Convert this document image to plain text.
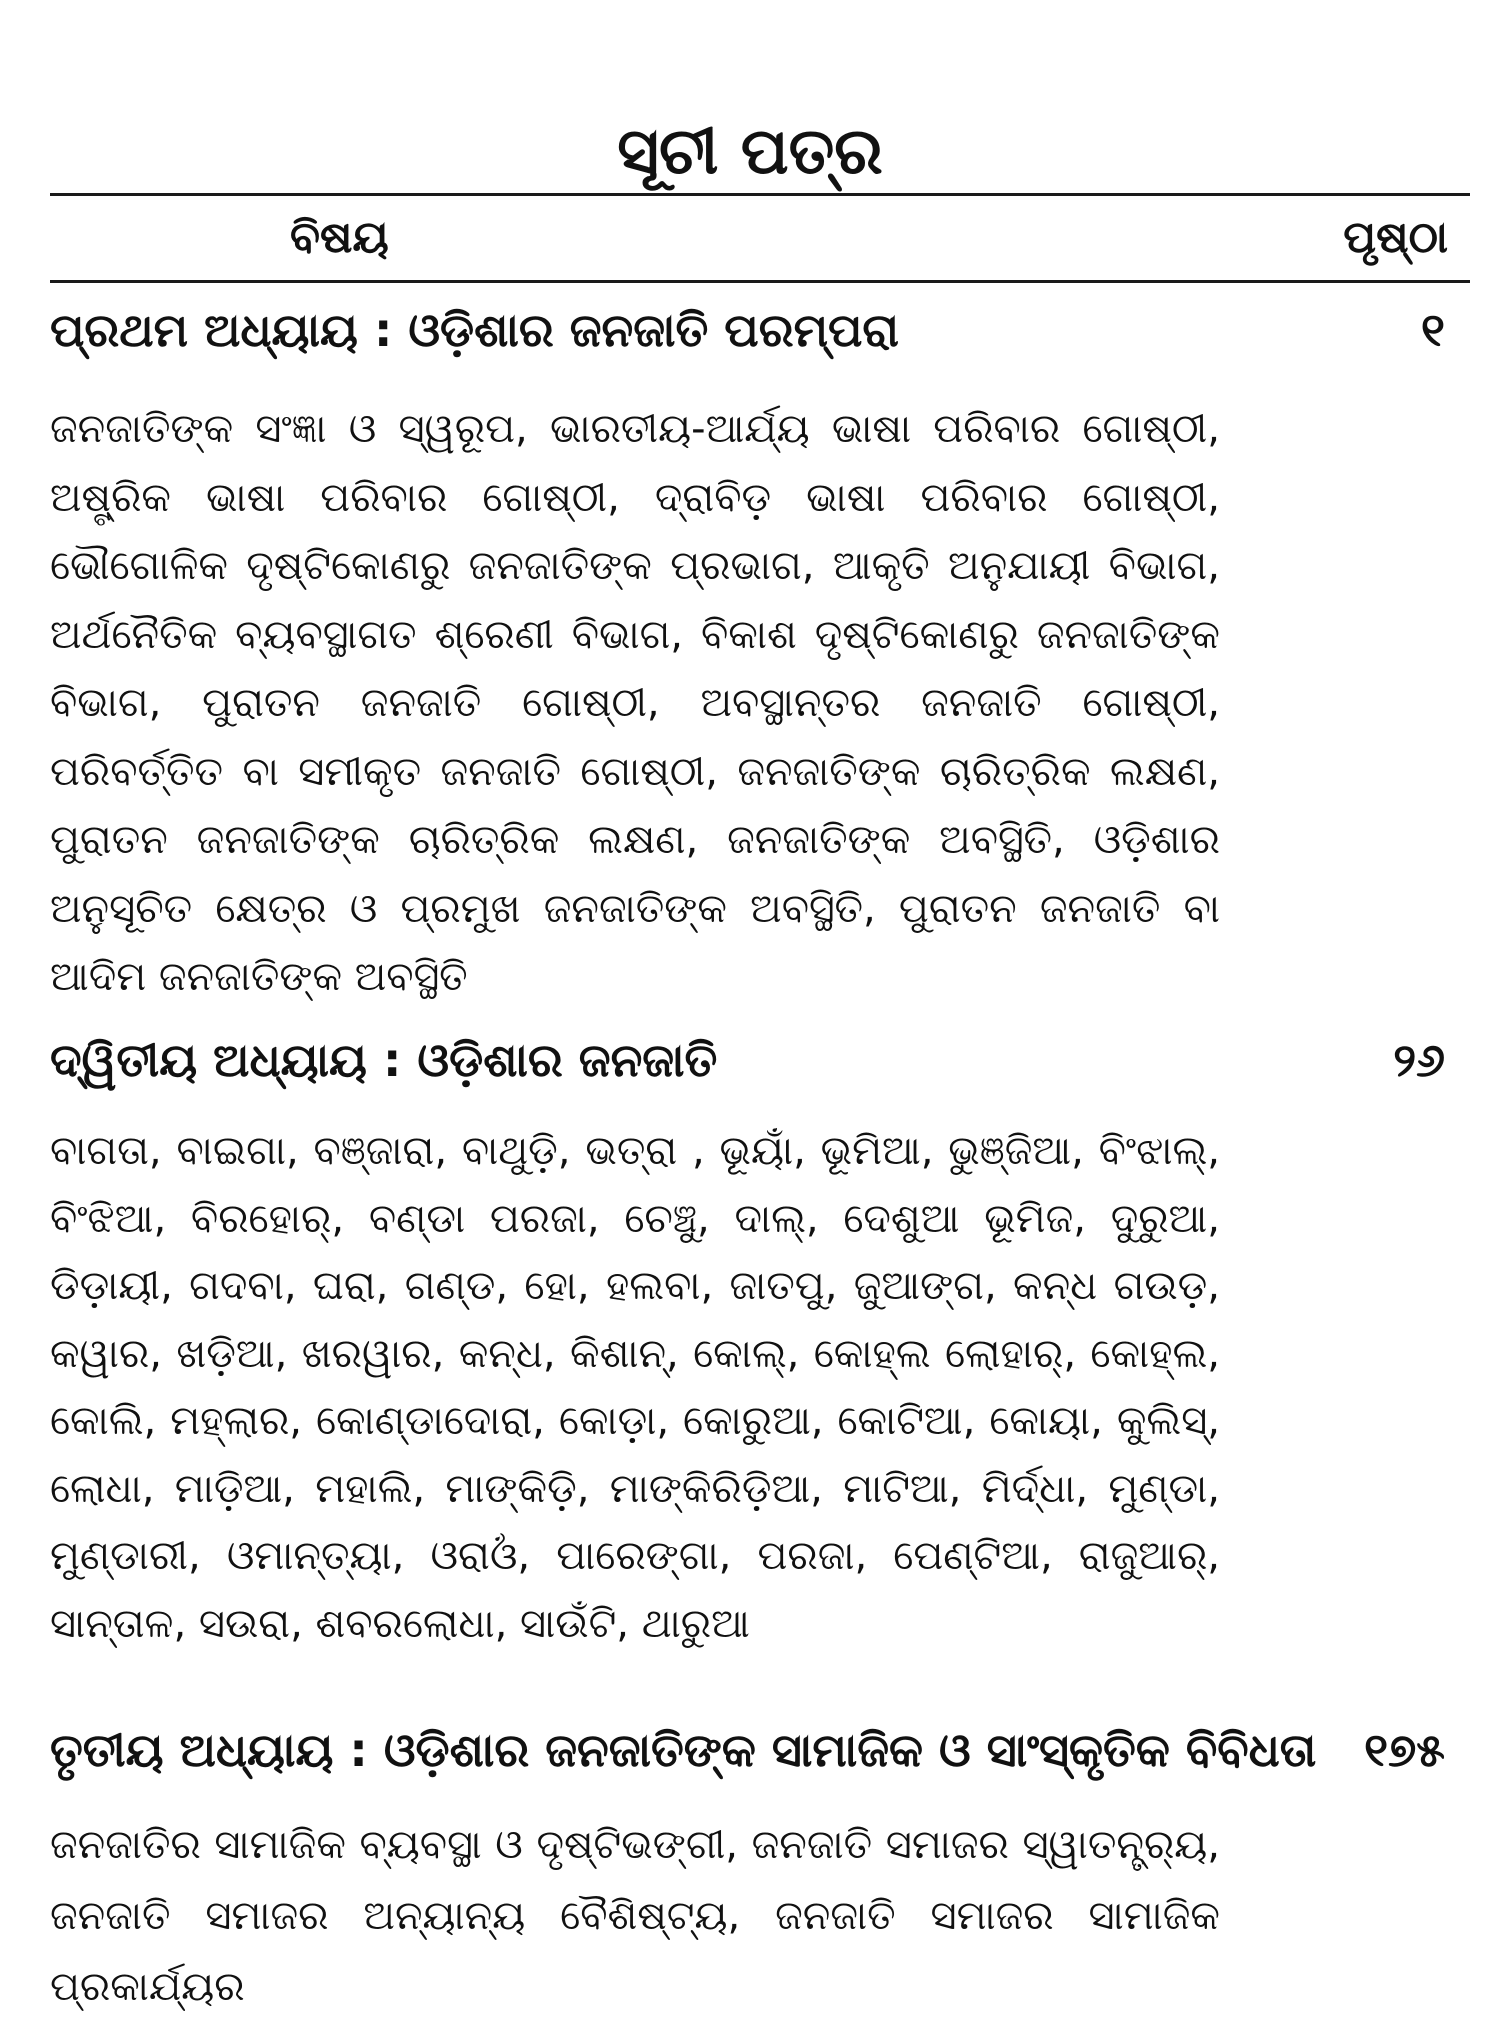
ସୂଚୀ ପତ୍ର
ବିଷୟ	ପୃଷ୍ଠା
ପ୍ରଥମ ଅଧ୍ୟାୟ : ଓଡ଼ିଶାର ଜନଜାତି ପରମ୍ପରା	୧
ଜନଜାତିଙ୍କ ସଂଜ୍ଞା ଓ ସ୍ୱରୂପ, ଭାରତୀୟ-ଆର୍ଯ୍ୟ ଭାଷା ପରିବାର ଗୋଷ୍ଠୀ, ଅଷ୍ଟ୍ରିକ ଭାଷା ପରିବାର ଗୋଷ୍ଠୀ, ଦ୍ରାବିଡ଼ ଭାଷା ପରିବାର ଗୋଷ୍ଠୀ, ଭୌଗୋଳିକ ଦୃଷ୍ଟିକୋଣରୁ ଜନଜାତିଙ୍କ ପ୍ରଭାଗ, ଆକୃତି ଅନୁଯାୟୀ ବିଭାଗ, ଅର୍ଥନୈତିକ ବ୍ୟବସ୍ଥାଗତ ଶ୍ରେଣୀ ବିଭାଗ, ବିକାଶ ଦୃଷ୍ଟିକୋଣରୁ ଜନଜାତିଙ୍କ ବିଭାଗ, ପୁରାତନ ଜନଜାତି ଗୋଷ୍ଠୀ, ଅବସ୍ଥାନ୍ତର ଜନଜାତି ଗୋଷ୍ଠୀ, ପରିବର୍ତ୍ତିତ ବା ସମୀକୃତ ଜନଜାତି ଗୋଷ୍ଠୀ, ଜନଜାତିଙ୍କ ଚାରିତ୍ରିକ ଲକ୍ଷଣ, ପୁରାତନ ଜନଜାତିଙ୍କ ଚାରିତ୍ରିକ ଲକ୍ଷଣ, ଜନଜାତିଙ୍କ ଅବସ୍ଥିତି, ଓଡ଼ିଶାର ଅନୁସୂଚିତ କ୍ଷେତ୍ର ଓ ପ୍ରମୁଖ ଜନଜାତିଙ୍କ ଅବସ୍ଥିତି, ପୁରାତନ ଜନଜାତି ବା ଆଦିମ ଜନଜାତିଙ୍କ ଅବସ୍ଥିତି
ଦ୍ୱିତୀୟ ଅଧ୍ୟାୟ : ଓଡ଼ିଶାର ଜନଜାତି	୨୬
ବାଗତା, ବାଇଗା, ବଞ୍ଜାରା, ବାଥୁଡ଼ି, ଭତ୍ରା , ଭୂୟାଁ, ଭୂମିଆ, ଭୁଞ୍ଜିଆ, ବିଂଝାଲ୍, ବିଂଝିଆ, ବିରହୋର୍, ବଣ୍ଡା ପରଜା, ଚେଞ୍ଚୁ, ଦାଲ୍, ଦେଶୁଆ ଭୂମିଜ, ଦୁରୁଆ, ଡିଡ଼ାୟୀ, ଗଦବା, ଘରା, ଗଣ୍ଡ, ହୋ, ହଲବା, ଜାତପୁ, ଜୁଆଙ୍ଗ, କନ୍ଧ ଗଉଡ଼, କୱାର, ଖଡ଼ିଆ, ଖରୱାର, କନ୍ଧ, କିଶାନ୍, କୋଲ୍, କୋହ୍ଲ ଲୋହାର୍, କୋହ୍ଲ, କୋଲି, ମହ୍ଲାର, କୋଣ୍ଡାଦୋରା, କୋଡ଼ା, କୋରୁଆ, କୋଟିଆ, କୋୟା, କୁଲିସ୍, ଲୋଧା, ମାଡ଼ିଆ, ମହାଲି, ମାଙ୍କିଡ଼ି, ମାଙ୍କିରିଡ଼ିଆ, ମାଟିଆ, ମିର୍ଦ୍ଧା, ମୁଣ୍ଡା, ମୁଣ୍ଡାରୀ, ଓମାନ୍ତ୍ୟା, ଓରାଓଁ, ପାରେଙ୍ଗା, ପରଜା, ପେଣ୍ଟିଆ, ରାଜୁଆର୍, ସାନ୍ତାଳ, ସଉରା, ଶବରଲୋଧା, ସାଉଁଟି, ଥାରୁଆ
ତୃତୀୟ ଅଧ୍ୟାୟ : ଓଡ଼ିଶାର ଜନଜାତିଙ୍କ ସାମାଜିକ ଓ ସାଂସ୍କୃତିକ ବିବିଧତା ୧୭୫
ଜନଜାତିର ସାମାଜିକ ବ୍ୟବସ୍ଥା ଓ ଦୃଷ୍ଟିଭଙ୍ଗୀ, ଜନଜାତି ସମାଜର ସ୍ୱାତନ୍ତ୍ର୍ୟ, ଜନଜାତି ସମାଜର ଅନ୍ୟାନ୍ୟ ବୈଶିଷ୍ଟ୍ୟ, ଜନଜାତି ସମାଜର ସାମାଜିକ ପ୍ରକାର୍ଯ୍ୟର
